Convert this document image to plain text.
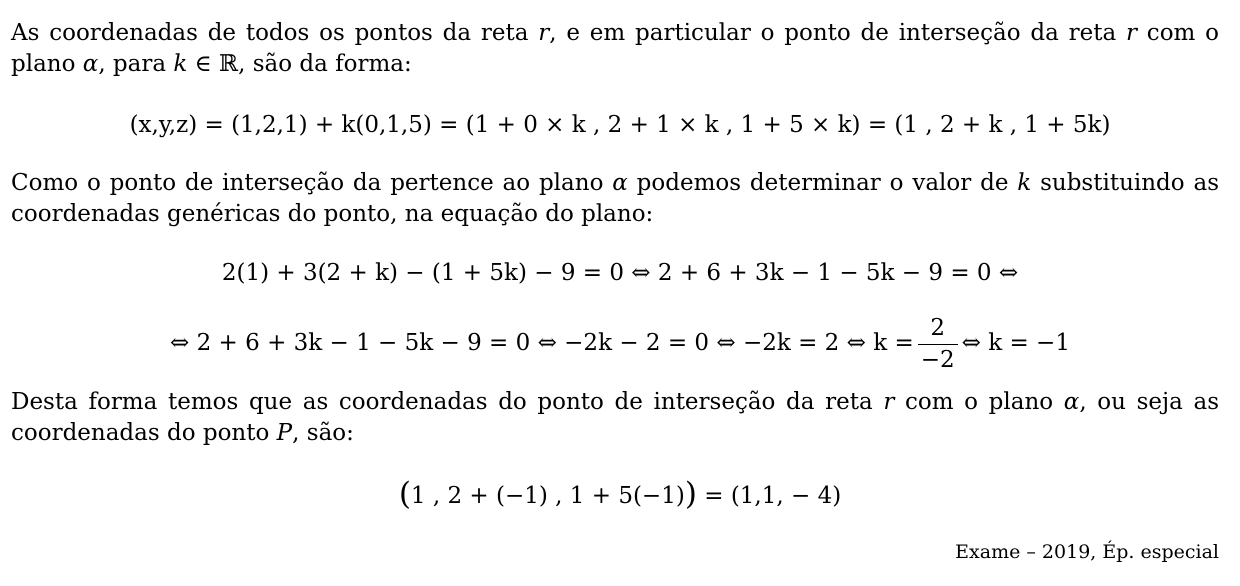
As coordenadas de todos os pontos da reta r, e em particular o ponto de interseção da reta r com o plano α, para k ∈ ℝ, são da forma:

(x,y,z) = (1,2,1) + k(0,1,5) = (1 + 0 × k , 2 + 1 × k , 1 + 5 × k) = (1 , 2 + k , 1 + 5k)

Como o ponto de interseção da pertence ao plano α podemos determinar o valor de k substituindo as coordenadas genéricas do ponto, na equação do plano:

2(1) + 3(2 + k) − (1 + 5k) − 9 = 0 ⇔ 2 + 6 + 3k − 1 − 5k − 9 = 0 ⇔
⇔ 2 + 6 + 3k − 1 − 5k − 9 = 0 ⇔ −2k − 2 = 0 ⇔ −2k = 2 ⇔ $k = \frac{2}{-2}$ ⇔ k = −1

Desta forma temos que as coordenadas do ponto de interseção da reta r com o plano α, ou seja as coordenadas do ponto P, são:

(1 , 2 + (−1) , 1 + 5(−1)) = (1,1, − 4)
Exame – 2019, Ép. especial
